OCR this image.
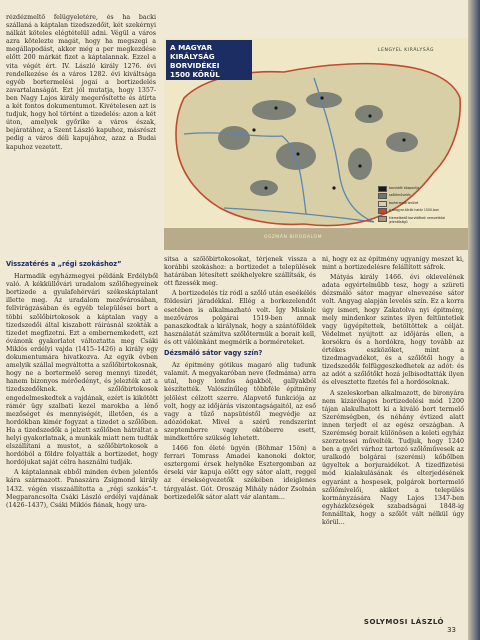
rézdézmeltő felügyeletére, és ha backi szállaná a káptalan tizedszedőit, két szekérnyi nálkát köteles elégtételül adni. Végül a város azra kötelezte magát, hogy ha megszegi a megállapodást, akkor még a per megkezdése előtt 200 márkát fizet a káptalannak. Ezzel a vita végét ért. IV. László király 1276. évi rendelkezése és a város 1282. évi kiváltsága egyéb bortermelési jogai a bortizedelés zavartalanságát. Ezt jól mutatja, hogy 1357-ben Nagy Lajos király megerősítette és átírta a két fontos dokumentumot. Kivételesen azt is tudjuk, hogy hol történt a tizedelés: azon a két úton, amelyek győrike a város észak, bejáratához, a Szent László kapuhoz, másrészt pedig a város déli kapujához, azaz a Budai kapuhoz vezetett.

A MAGYAR KIRÁLYSÁG
BORVIDÉKEI
1500 KÖRÜL
LENGYEL KIRÁLYSÁG
OSZMÁN BIRODALOM
borvidék központja
szőlőművelés
bortermelő terület
a magyar-török határ 1500-ban
kiemelkedő borvidékek nemzetközi jelentőségű
Visszatérés a „régi szokáshoz”

Harmadik egyházmegyei példánk Erdélyből való. A kékküllővári uradalom szőlőhegyeinek bortizede a gyulafehérvári székeskáptalant illette meg. Az uradalom mezővárosában, fellvirágzásában és egyéb települései bort a többi szőlőbirtokosok a káptalan vagy a tizedszedői által kiszabott ráirásnál szokták a tizedet megfizetni. Ezt a embernemkedett, ezt óvánonk gyakorlatot változtatta meg Csáki Miklós erdélyi vajda (1415–1426) a király egy dokumentumára hivatkozva. Az egyik évben amelyik szállal megváltotta a szőlőbirtokosnak, hogy ne a bortermelő sereg mennyi tizedét, hanem bizonyos mérőedényt, és jelezték azt a tizedszedőknek. A szőlőbirtokosok engedelmeskedtek a vajdának, ezért is kikötött rámér ügy szalbati kezel marokba a lénő mezőséget és mennyiségét, illetően, és a hordókban kimér fogyzat a tizedet a szőlőben. Ha a tizedszedők a jelzett szőlőben hátráltat a helyi gyakorlatnak, a munkák miatt nem tudták elszállítani a mustot, a szőlőbirtokosok a hordóból a földre folyatták a bortizedet, hogy hordójukat saját célra használni tudják.

A káptalannak ebből minden évben jelentős kára származott. Panaszára Zsigmond király 1432. végén visszaállította a „régi szokás”-t. Megparancsolta Csáki László erdélyi vajdának (1426–1437), Csáki Miklós fiának, hogy ura-

sitsa a szőlőbirtokosokat, térjenek vissza a korábbi szokáshoz: a bortizedet a települések határában létesített székhelyekre szállítsák, és ott fizessék meg.

A bortizedelés tíz ródl a szőlő után eseékélés földesúri járadékkal. Ellég a borkezelendőt esetében is alkalmazható volt. Így Miskolc mezőváros polgárai 1519-ben annak panaszkodtak a királynak, hogy a szántóföldek használatát számítva szőlőtermük a borait kell, és ott válóinkánt megmérik a borméreteket.

Dézsmáló sátor vagy szín?

Az épitmény gótikus magaró alig tudunk valamit. A megyakaróban neve (fedmáma) arra utal, hogy lomfos ágakból, gallyakból készítették. Valószínűleg többféle épitmény jelölést célzott szerre. Alapvető funkciója az volt, hogy az időjárás viszontagságaitól, az eső vagy a tűző napsütéstől megvédje az adózódokat. Mivel a szérű rendszerint szeptemberre vagy októberre esett, mindkettőre szükség lehetett.

1466 fon életé ügyén (Böhmar 15ön) a ferrari Tomrass Amadei kanonoki doktor, esztergomi érsek helynöke Esztergomban az érseki vár kapuja előtt egy sátor alatt, reggel az érsekségvezetők székében ideiglenes tárgyalást. Gót. Oroszág Mihály nádor Zsolnán bortizedelők sátor alatt vár alantam...

ni, hogy ez az épitmény ugyanígy meszet ki, mint a bortizedelésre felállított sáfrok.

Mátyás király 1466. évi oklevelének adata egyértelműbb tesz, hogy a szüreti dézsmáló sátor magyar elnevezése sátor volt. Angyag alapján levelés szín. Ez a korra úgy ismeri, hogy Zakatolva nyi épitmény, mely mindenkor szintes ilyen feltüntetlek vagy ügyépítettek, betöltöttek a célját. Védelmet nyújtott az időjárás ellen, a korsókra és a hordókra, hogy tovább az értékes eszközöket, mint a tizedmagvadékot, és a szőlőtől hogy a tizedszedők felfüggeszkedhetek az adót: és az adót a szőlőtőkt hozá jelbisodtatták ilyen és elvesztette fizetés fel a hordósoknak.

A szeleskorban alkalmazott, de bironyára nem kizárólagos bortizedelési mód 1200 tájan alakulhatott ki a kiváló bort termelő Szerémségben, és néhány évtized alatt innen terjedt el az egész országban. A Szerémség borait különösen a keleti egyház szerzetesei művelték. Tudjuk, hogy 1240 ben a győri várhoz tartozó szőlőművesek az uralkodó bolgárai (szerémi) kőbőlben ügyeltek a borjuraidékot. A tizedfizetési mód kialakulásának és elterjedésének egyaránt a hospesek, polgárok bortermelő szőlőmívelői, akiket a település kormányzására Nagy Lajos 1347-ben egyházközségek szabadságai 1848-ig fennálltak, hogy a szőlőt vált nélkül úgy körül...

SOLYMOSI LÁSZLÓ
33
